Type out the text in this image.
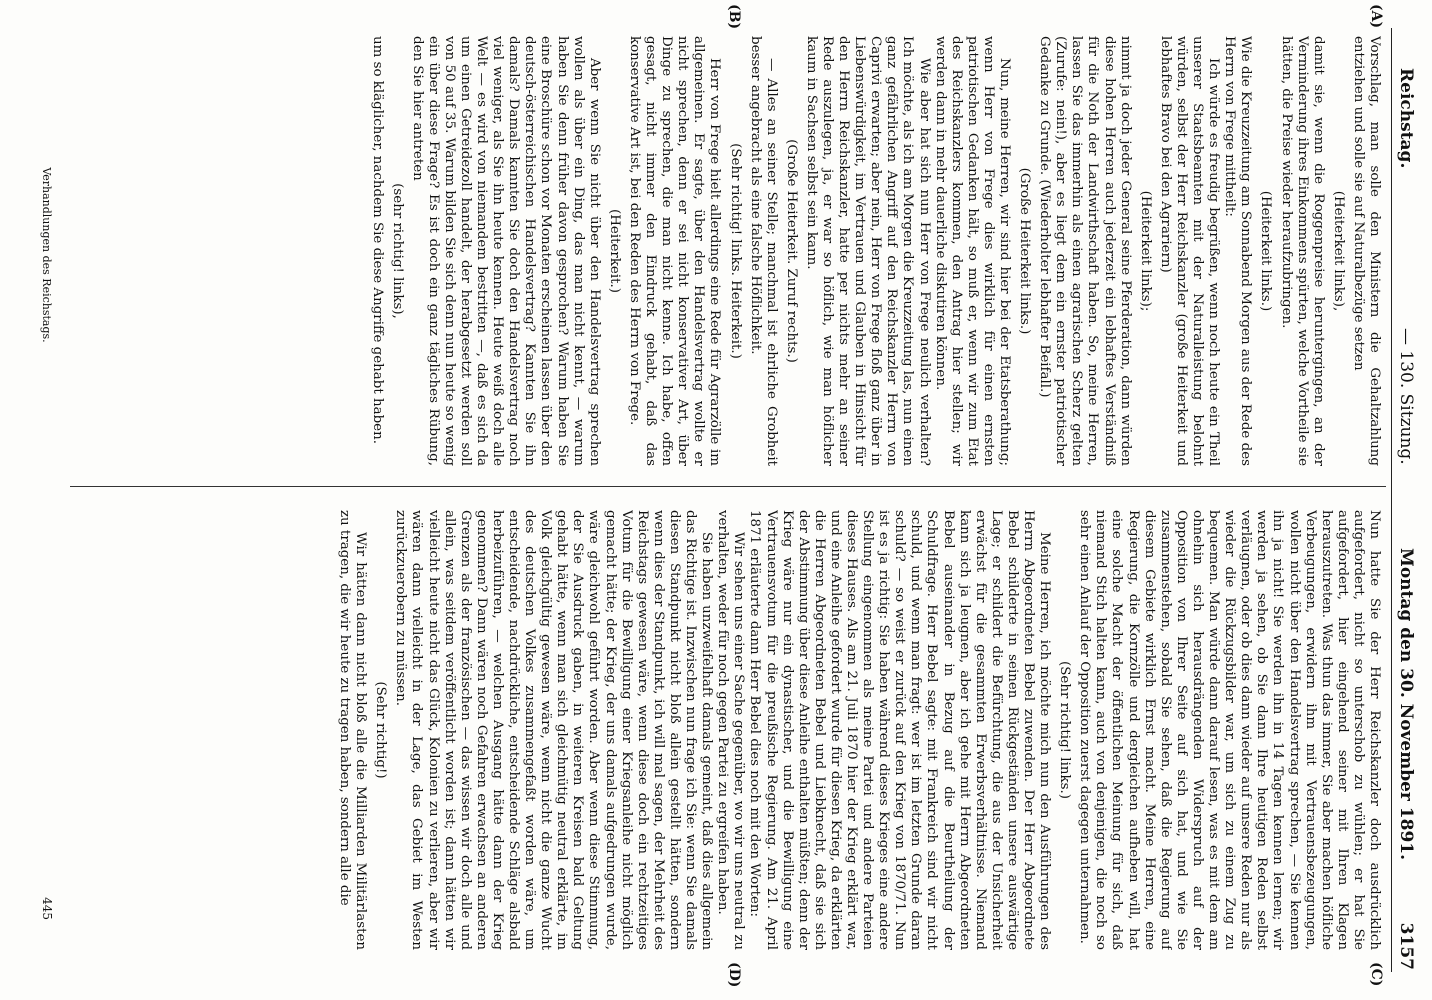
Reichstag.
— 130. Sitzung.
Montag den 30. November 1891.
3157
(A)
(B)
(C)
(D)

Vorschlag, man solle den Ministern die Gehaltzahlung entziehen und solle sie auf Naturalbezüge setzen

(Heiterkeit links),

damit sie, wenn die Roggenpreise heruntergingen, an der Verminderung ihres Einkommens spürten, welche Vortheile sie hätten, die Preise wieder heraufzubringen.

(Heiterkeit links.)

Wie die Kreuzzeitung am Sonnabend Morgen aus der Rede des Herrn von Frege mittheilt:

Ich würde es freudig begrüßen, wenn noch heute ein Theil unserer Staatsbeamten mit der Naturalleistung belohnt würden, selbst der Herr Reichskanzler (große Heiterkeit und lebhaftes Bravo bei den Agrariern)

(Heiterkeit links);

nimmt ja doch jeder General seine Pferderation, dann würden diese hohen Herren auch jederzeit ein lebhaftes Verständniß für die Noth der Landwirthschaft haben. So, meine Herren, lassen Sie das immerhin als einen agrarischen Scherz gelten (Zurufe: nein!), aber es liegt dem ein ernster patriotischer Gedanke zu Grunde. (Wiederholter lebhafter Beifall.)

(Große Heiterkeit links.)

Nun, meine Herren, wir sind hier bei der Etatsberathung; wenn Herr von Frege dies wirklich für einen ernsten patriotischen Gedanken hält, so muß er, wenn wir zum Etat des Reichskanzlers kommen, den Antrag hier stellen; wir werden dann in mehr dauerliche diskutiren können.

Wie aber hat sich nun Herr von Frege neulich verhalten? Ich möchte, als ich am Morgen die Kreuzzeitung las, nun einen ganz gefährlichen Angriff auf den Reichskanzler Herrn von Caprivi erwarten; aber nein, Herr von Frege floß ganz über in Liebenswürdigkeit, im Vertrauen und Glauben in Hinsicht für den Herrn Reichskanzler, hatte per nichts mehr an seiner Rede auszulegen, ja, er war so höflich, wie man höflicher kaum in Sachsen selbst sein kann.

(Große Heiterkeit. Zuruf rechts.)

— Alles an seiner Stelle; manchmal ist ehrliche Grobheit besser angebracht als eine falsche Höflichkeit.

(Sehr richtig! links. Heiterkeit.)

Herr von Frege hielt allerdings eine Rede für Agrarzölle im allgemeinen. Er sagte, über den Handelsvertrag wollte er nicht sprechen, denn er sei nicht konservativer Art, über Dinge zu sprechen, die man nicht kenne. Ich habe, offen gesagt, nicht immer den Eindruck gehabt, daß das konservative Art ist, bei den Reden des Herrn von Frege.

(Heiterkeit.)

Aber wenn Sie nicht über den Handelsvertrag sprechen wollen als über ein Ding, das man nicht kennt, — warum haben Sie denn früher davon gesprochen? Warum haben Sie eine Broschüre schon vor Monaten erscheinen lassen über den deutsch-österreichischen Handelsvertrag? Kannten Sie ihn damals? Damals kannten Sie doch den Handelsvertrag noch viel weniger, als Sie ihn heute kennen. Heute weiß doch alle Welt — es wird von niemandem bestritten —, daß es sich da um einen Getreidezoll handelt, der herabgesetzt werden soll von 50 auf 35. Warum bilden Sie sich denn nun heute so wenig ein über diese Frage? Es ist doch ein ganz tägliches Rübung, den Sie hier antreten

(sehr richtig! links),

um so kläglicher, nachdem Sie diese Angriffe gehabt haben.

Nun hatte Sie der Herr Reichskanzler doch ausdrücklich aufgefordert, nicht so unterschob zu wühlen; er hat Sie aufgefordert, hier eingehend seiner mit Ihren Klagen herauszutreten. Was thun das immer, Sie aber machen höfliche Verbeugungen, erwidern ihm mit Vertrauensbezeugungen, wollen nicht über den Handelsvertrag sprechen, — Sie kennen ihn ja nicht! Sie werden ihn in 14 Tagen kennen lernen; wir werden ja sehen, ob Sie dann Ihre heutigen Reden selbst verläugnen, oder ob dies dann wieder auf unsere Reden nur als wieder die Rückzugsbilder war, um sich zu einem Zug zu bequemen. Man würde dann darauf lesen, was es mit dem am ohnehin sich herausdrängenden Widerspruch auf der Opposition von Ihrer Seite auf sich hat, und wie Sie zusammenstehen, sobald Sie sehen, daß die Regierung auf diesem Gebiete wirklich Ernst macht. Meine Herren, eine Regierung, die Kornzölle und dergleichen aufheben will, hat eine solche Macht der öffentlichen Meinung für sich, daß niemand Stich halten kann, auch von denjenigen, die noch so sehr einen Anlauf der Opposition zuerst dagegen unternahmen.

(Sehr richtig! links.)

Meine Herren, ich möchte mich nun den Ausführungen des Herrn Abgeordneten Bebel zuwenden. Der Herr Abgeordnete Bebel schilderte in seinen Rückgeständen unsere auswärtige Lage; er schildert die Befürchtung, die aus der Unsicherheit erwächst für die gesammten Erwerbsverhältnisse. Niemand kann sich ja leugnen, aber ich gehe mit Herrn Abgeordneten Bebel auseinander in Bezug auf die Beurtheilung der Schuldfrage. Herr Bebel sagte: mit Frankreich sind wir nicht schuld, und wenn man fragt: wer ist im letzten Grunde daran schuld? — so weist er zurück auf den Krieg von 1870/71. Nun ist es ja richtig: Sie haben während dieses Krieges eine andere Stellung eingenommen als meine Partei und andere Parteien dieses Hauses. Als am 21. Juli 1870 hier der Krieg erklärt war, und eine Anleihe gefordert wurde für diesen Krieg, da erklärten die Herren Abgeordneten Bebel und Liebknecht, daß sie sich der Abstimmung über diese Anleihe enthalten müßten; denn der Krieg wäre nur ein dynastischer, und die Bewilligung eine Vertrauensvotum für die preußische Regierung. Am 21. April 1871 erläuterte dann Herr Bebel dies noch mit den Worten:

Wir sehen uns einer Sache gegenüber, wo wir uns neutral zu verhalten, weder für noch gegen Partei zu ergreifen haben.

Sie haben unzweifelhaft damals gemeint, daß dies allgemein das Richtige ist. Inzwischen nun frage ich Sie: wenn Sie damals diesen Standpunkt nicht bloß allein gestellt hätten, sondern wenn dies der Standpunkt, ich will mal sagen, der Mehrheit des Reichstags gewesen wäre, wenn diese doch ein rechtzeitiges Votum für die Bewilligung einer Kriegsanleihe nicht möglich gemacht hätte; der Krieg, der uns damals aufgedrungen wurde, wäre gleichwohl geführt worden. Aber wenn diese Stimmung, der Sie Ausdruck gaben, in weiteren Kreisen bald Geltung gehabt hätte, wenn man sich gleichmütig neutral erklärte, im Volk gleichgültig gewesen wäre, wenn nicht die ganze Wucht des deutschen Volkes zusammengefaßt worden wäre, um entscheidende, nachdrückliche, entscheidende Schläge alsbald herbeizuführen, — welchen Ausgang hätte dann der Krieg genommen? Dann wären noch Gefahren erwachsen an anderen Grenzen als der französischen — das wissen wir doch alle und allein, was seitdem veröffentlicht worden ist; dann hätten wir vielleicht heute nicht das Glück, Kolonien zu verlieren, aber wir wären dann vielleicht in der Lage, das Gebiet im Westen zurückzuerobern zu müssen.

(Sehr richtig!)

Wir hätten dann nicht bloß alle die Milliarden Militärlasten zu tragen, die wir heute zu tragen haben, sondern alle die

Verhandlungen des Reichstags.
445
